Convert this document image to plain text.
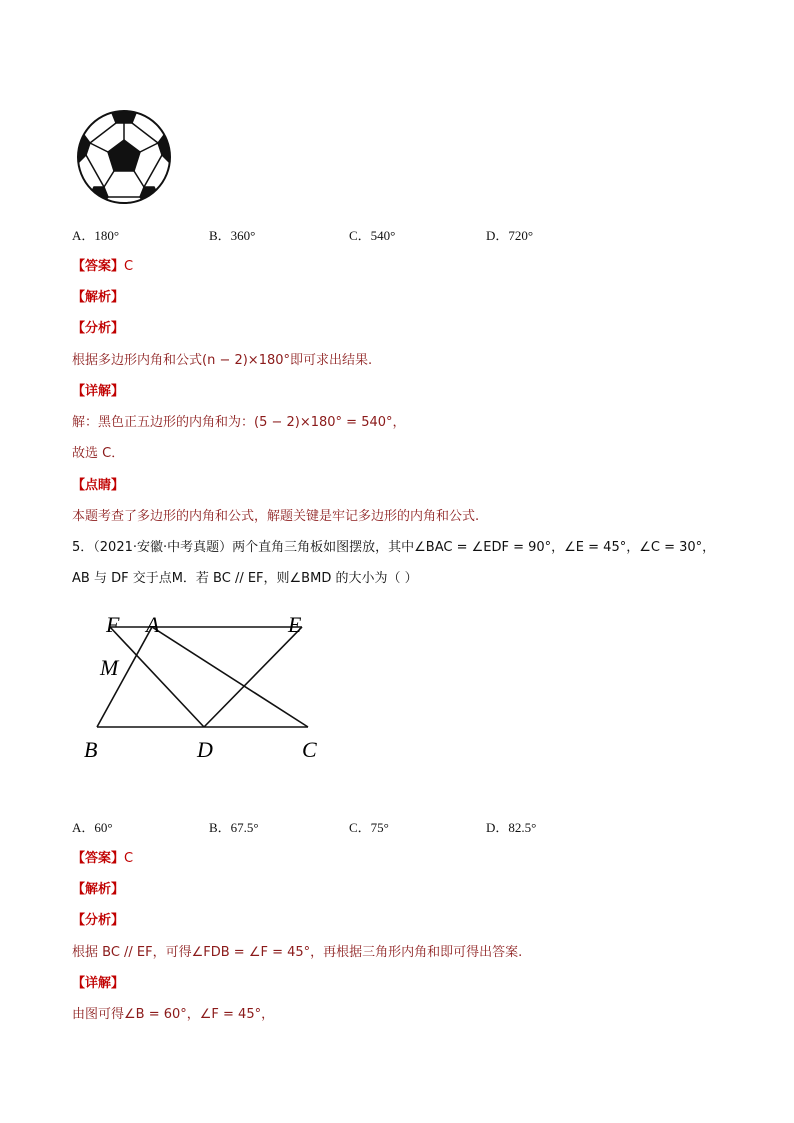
A．180°	B．360°	C．540°	D．720°
【答案】C
【解析】
【分析】
根据多边形内角和公式(n − 2)×180°即可求出结果.
【详解】
解：黑色正五边形的内角和为：(5 − 2)×180° = 540°，
故选 C．
【点睛】
本题考查了多边形的内角和公式，解题关键是牢记多边形的内角和公式.
5．（2021·安徽·中考真题）两个直角三角板如图摆放，其中∠BAC = ∠EDF = 90°，∠E = 45°，∠C = 30°，
AB 与 DF 交于点M．若 BC // EF，则∠BMD 的大小为（ ）
F A	E
M
B	D	C
A．60°	B．67.5°	C．75°	D．82.5°
【答案】C
【解析】
【分析】
根据 BC // EF，可得∠FDB = ∠F = 45°，再根据三角形内角和即可得出答案.
【详解】
由图可得∠B = 60°，∠F = 45°，
